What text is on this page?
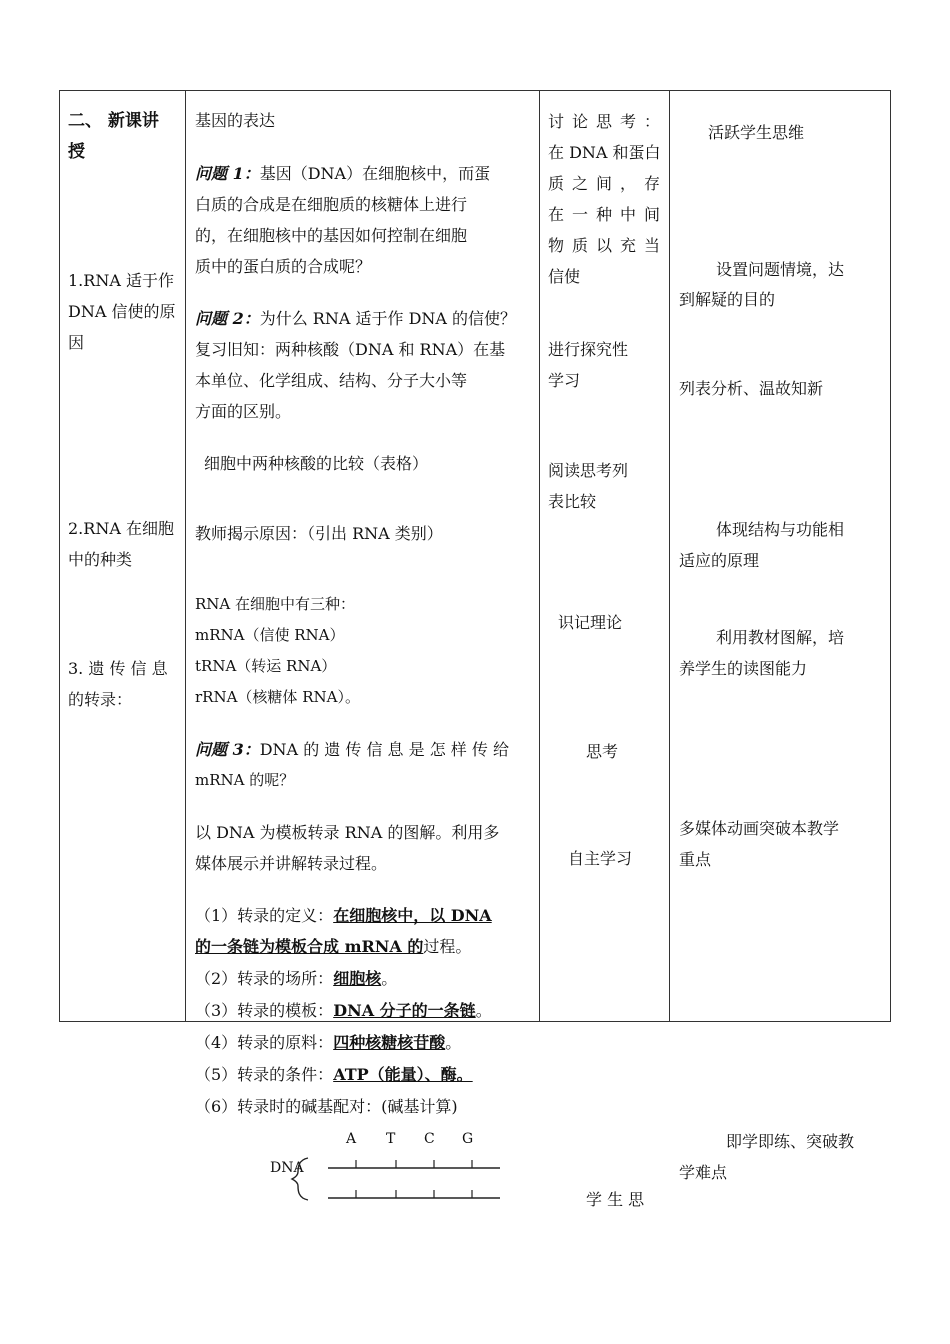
二、 新课讲
授
1.RNA 适于作
DNA 信使的原
因
2.RNA 在细胞
中的种类
3. 遗 传 信 息
的转录：
基因的表达
问题 1：基因（DNA）在细胞核中，而蛋
白质的合成是在细胞质的核糖体上进行
的，在细胞核中的基因如何控制在细胞
质中的蛋白质的合成呢？
问题 2：为什么 RNA 适于作 DNA 的信使？
复习旧知：两种核酸（DNA 和 RNA）在基
本单位、化学组成、结构、分子大小等
方面的区别。
细胞中两种核酸的比较（表格）
教师揭示原因：（引出 RNA 类别）
RNA 在细胞中有三种：
mRNA（信使 RNA）
tRNA（转运 RNA）
rRNA（核糖体 RNA）。
问题 3：DNA 的 遗 传 信 息 是 怎 样 传 给
mRNA 的呢？
以 DNA 为模板转录 RNA 的图解。利用多
媒体展示并讲解转录过程。
（1）转录的定义：在细胞核中，以 DNA
的一条链为模板合成 mRNA 的过程。
（2）转录的场所：细胞核。
（3）转录的模板：DNA 分子的一条链。
（4）转录的原料：四种核糖核苷酸。
（5）转录的条件：ATP（能量）、酶。
（6）转录时的碱基配对：(碱基计算)
A T C G
DNA
讨 论 思 考 ：
在 DNA 和蛋白
质 之 间 ， 存
在 一 种 中 间
物 质 以 充 当
信使
进行探究性
学习
阅读思考列
表比较
识记理论
思考
自主学习
学 生 思
活跃学生思维
设置问题情境，达
到解疑的目的
列表分析、温故知新
体现结构与功能相
适应的原理
利用教材图解，培
养学生的读图能力
多媒体动画突破本教学
重点
即学即练、突破教
学难点
